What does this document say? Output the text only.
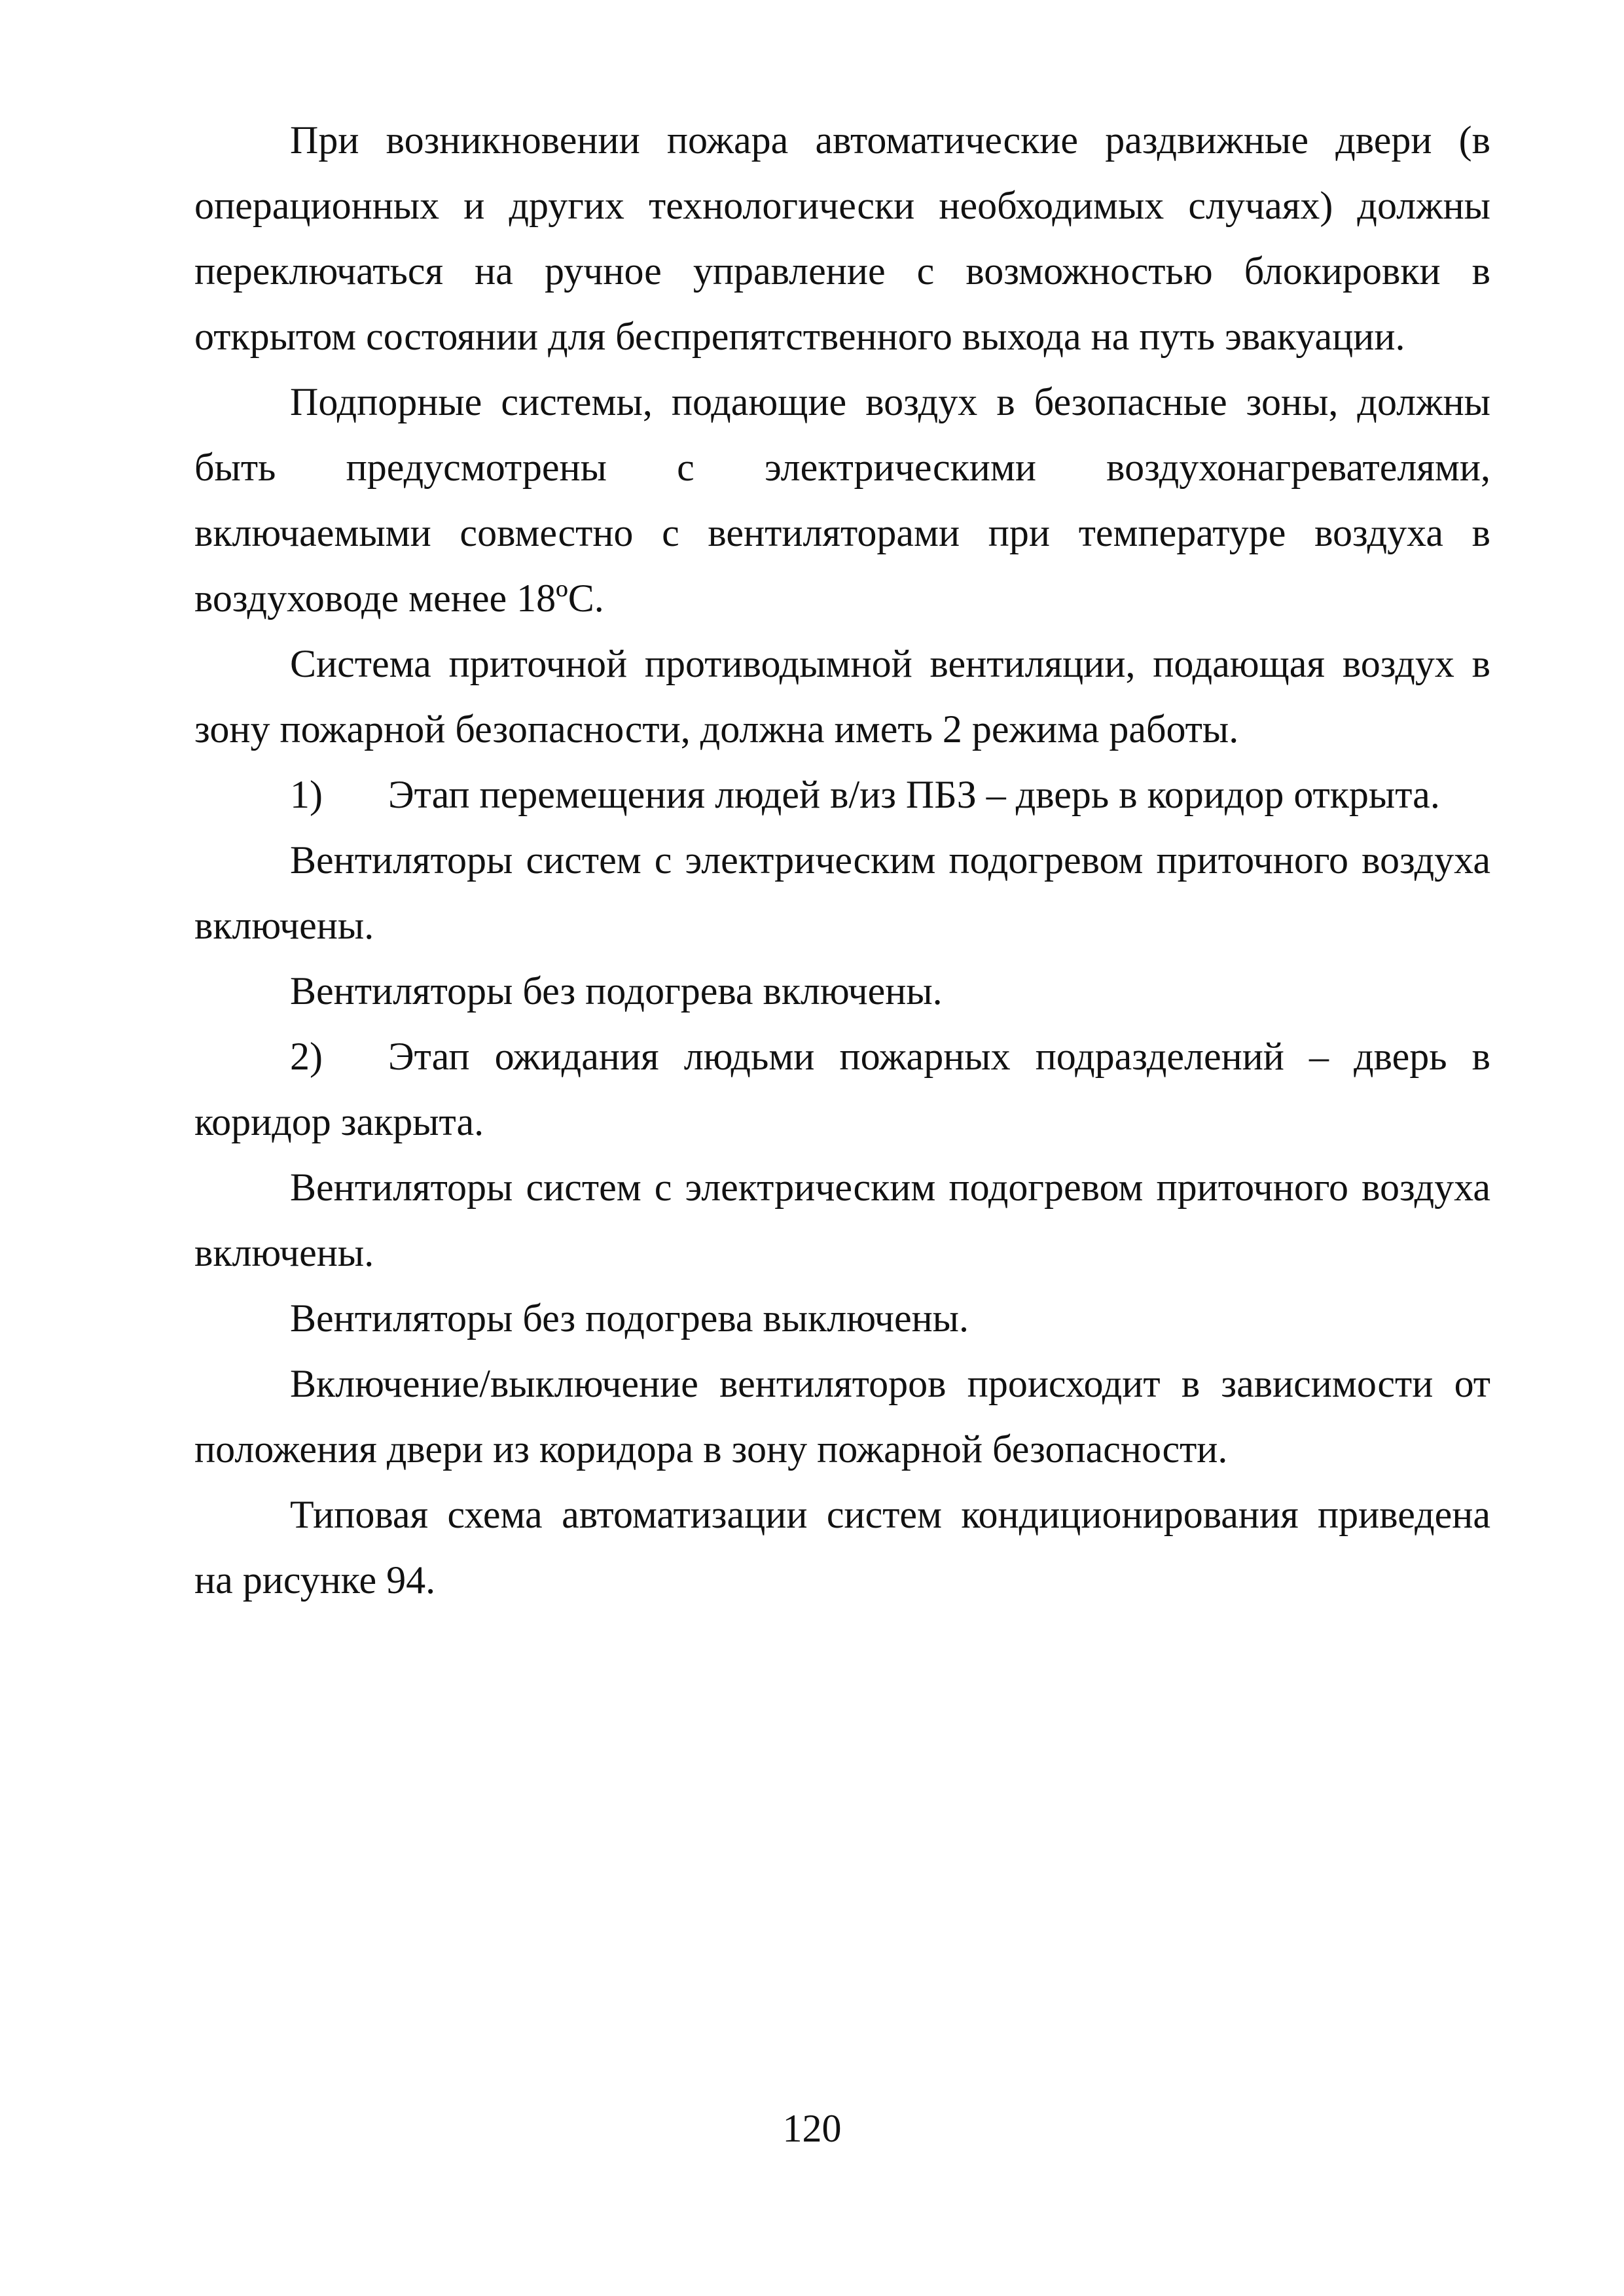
При возникновении пожара автоматические раздвижные двери (в операционных и других технологически необходимых случаях) должны переключаться на ручное управление с возможностью блокировки в открытом состоянии для беспрепятственного выхода на путь эвакуации.

Подпорные системы, подающие воздух в безопасные зоны, должны быть предусмотрены с электрическими воздухонагревателями, включаемыми совместно с вентиляторами при температуре воздуха в воздуховоде менее 18ºС.

Система приточной противодымной вентиляции, подающая воздух в зону пожарной безопасности, должна иметь 2 режима работы.

1) Этап перемещения людей в/из ПБЗ – дверь в коридор открыта.

Вентиляторы систем с электрическим подогревом приточного воздуха включены.

Вентиляторы без подогрева включены.

2) Этап ожидания людьми пожарных подразделений – дверь в коридор закрыта.

Вентиляторы систем с электрическим подогревом приточного воздуха включены.

Вентиляторы без подогрева выключены.

Включение/выключение вентиляторов происходит в зависимости от положения двери из коридора в зону пожарной безопасности.

Типовая схема автоматизации систем кондиционирования приведена на рисунке 94.

120
